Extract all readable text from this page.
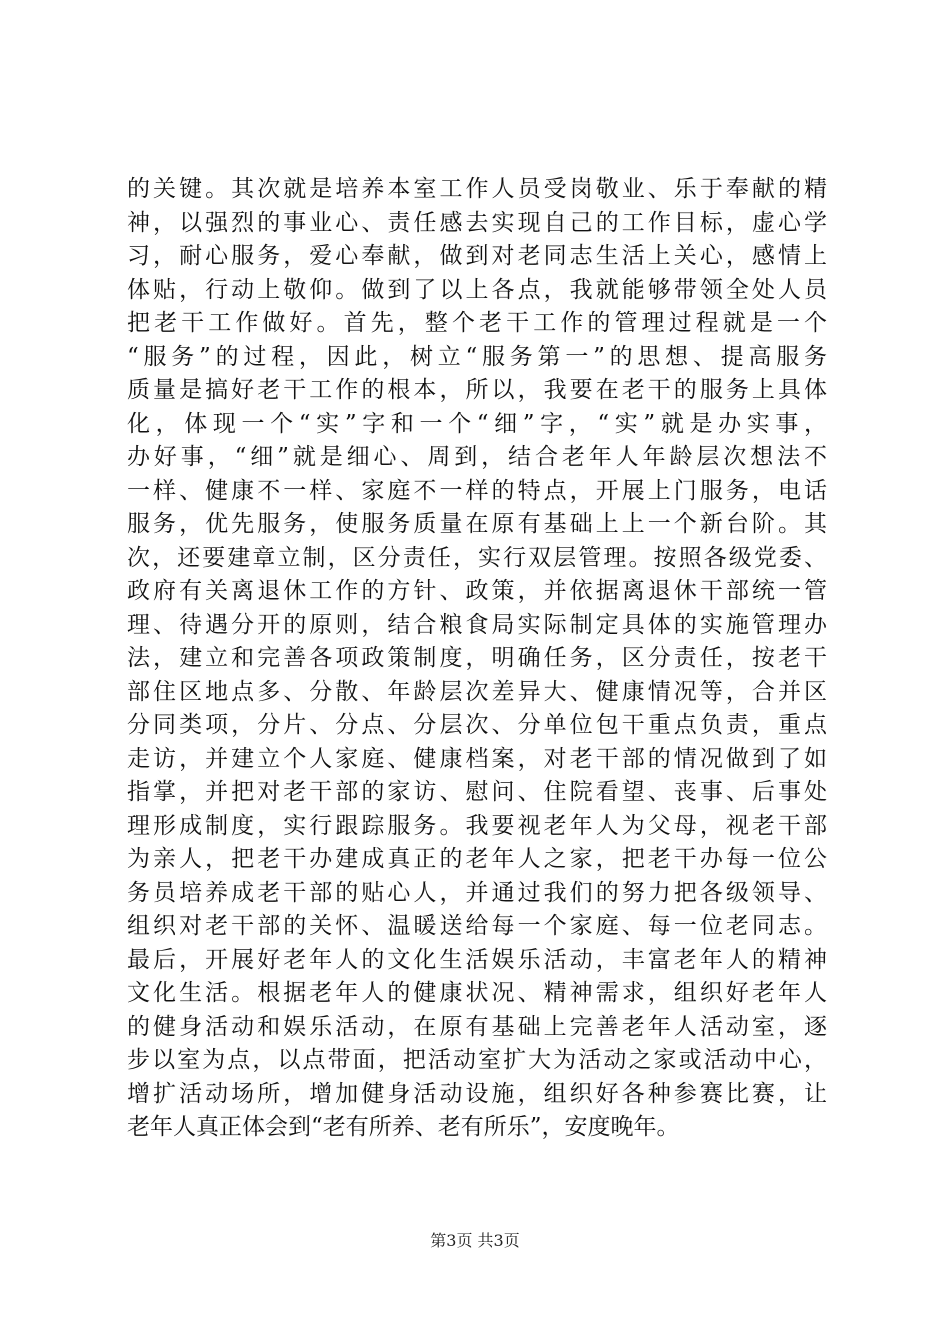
的关键。其次就是培养本室工作人员受岗敬业、乐于奉献的精
神，以强烈的事业心、责任感去实现自己的工作目标，虚心学
习，耐心服务，爱心奉献，做到对老同志生活上关心，感情上
体贴，行动上敬仰。做到了以上各点，我就能够带领全处人员
把老干工作做好。首先，整个老干工作的管理过程就是一个
“服务”的过程，因此，树立“服务第一”的思想、提高服务
质量是搞好老干工作的根本，所以，我要在老干的服务上具体
化，体现一个“实”字和一个“细”字，“实”就是办实事，
办好事，“细”就是细心、周到，结合老年人年龄层次想法不
一样、健康不一样、家庭不一样的特点，开展上门服务，电话
服务，优先服务，使服务质量在原有基础上上一个新台阶。其
次，还要建章立制，区分责任，实行双层管理。按照各级党委、
政府有关离退休工作的方针、政策，并依据离退休干部统一管
理、待遇分开的原则，结合粮食局实际制定具体的实施管理办
法，建立和完善各项政策制度，明确任务，区分责任，按老干
部住区地点多、分散、年龄层次差异大、健康情况等，合并区
分同类项，分片、分点、分层次、分单位包干重点负责，重点
走访，并建立个人家庭、健康档案，对老干部的情况做到了如
指掌，并把对老干部的家访、慰问、住院看望、丧事、后事处
理形成制度，实行跟踪服务。我要视老年人为父母，视老干部
为亲人，把老干办建成真正的老年人之家，把老干办每一位公
务员培养成老干部的贴心人，并通过我们的努力把各级领导、
组织对老干部的关怀、温暖送给每一个家庭、每一位老同志。
最后，开展好老年人的文化生活娱乐活动，丰富老年人的精神
文化生活。根据老年人的健康状况、精神需求，组织好老年人
的健身活动和娱乐活动，在原有基础上完善老年人活动室，逐
步以室为点，以点带面，把活动室扩大为活动之家或活动中心，
增扩活动场所，增加健身活动设施，组织好各种参赛比赛，让
老年人真正体会到“老有所养、老有所乐”，安度晚年。
第3页 共3页
